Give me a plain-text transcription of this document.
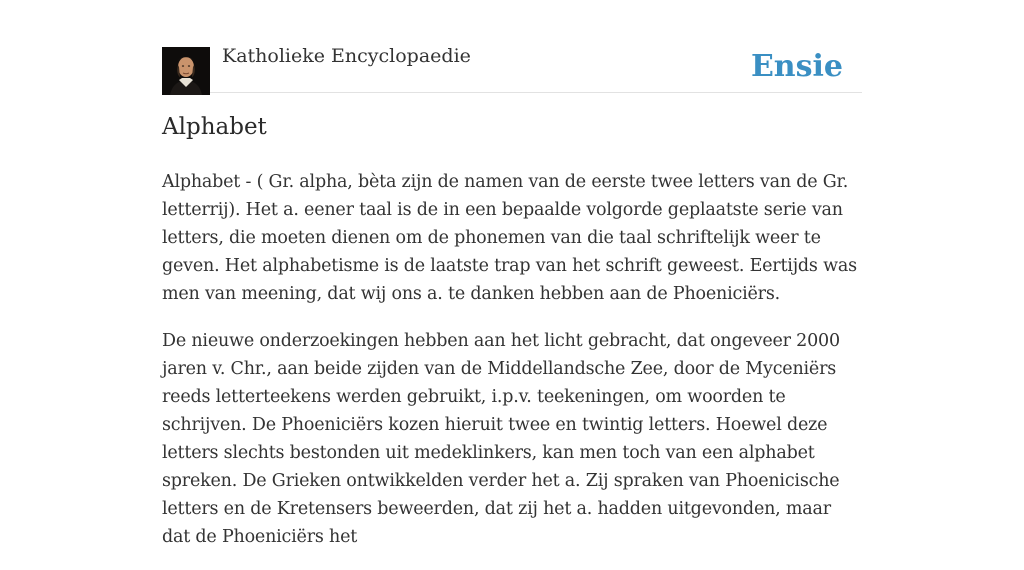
Katholieke Encyclopaedie	Ensie
Alphabet

Alphabet - ( Gr. alpha, bèta zijn de namen van de eerste twee letters van de Gr. letterrij). Het a. eener taal is de in een bepaalde volgorde geplaatste serie van letters, die moeten dienen om de phonemen van die taal schriftelijk weer te geven. Het alphabetisme is de laatste trap van het schrift geweest. Eertijds was men van meening, dat wij ons a. te danken hebben aan de Phoeniciërs.

De nieuwe onderzoekingen hebben aan het licht gebracht, dat ongeveer 2000 jaren v. Chr., aan beide zijden van de Middellandsche Zee, door de Myceniërs reeds letterteekens werden gebruikt, i.p.v. teekeningen, om woorden te schrijven. De Phoeniciërs kozen hieruit twee en twintig letters. Hoewel deze letters slechts bestonden uit medeklinkers, kan men toch van een alphabet spreken. De Grieken ontwikkelden verder het a. Zij spraken van Phoenicische letters en de Kretensers beweerden, dat zij het a. hadden uitgevonden, maar dat de Phoeniciërs het
